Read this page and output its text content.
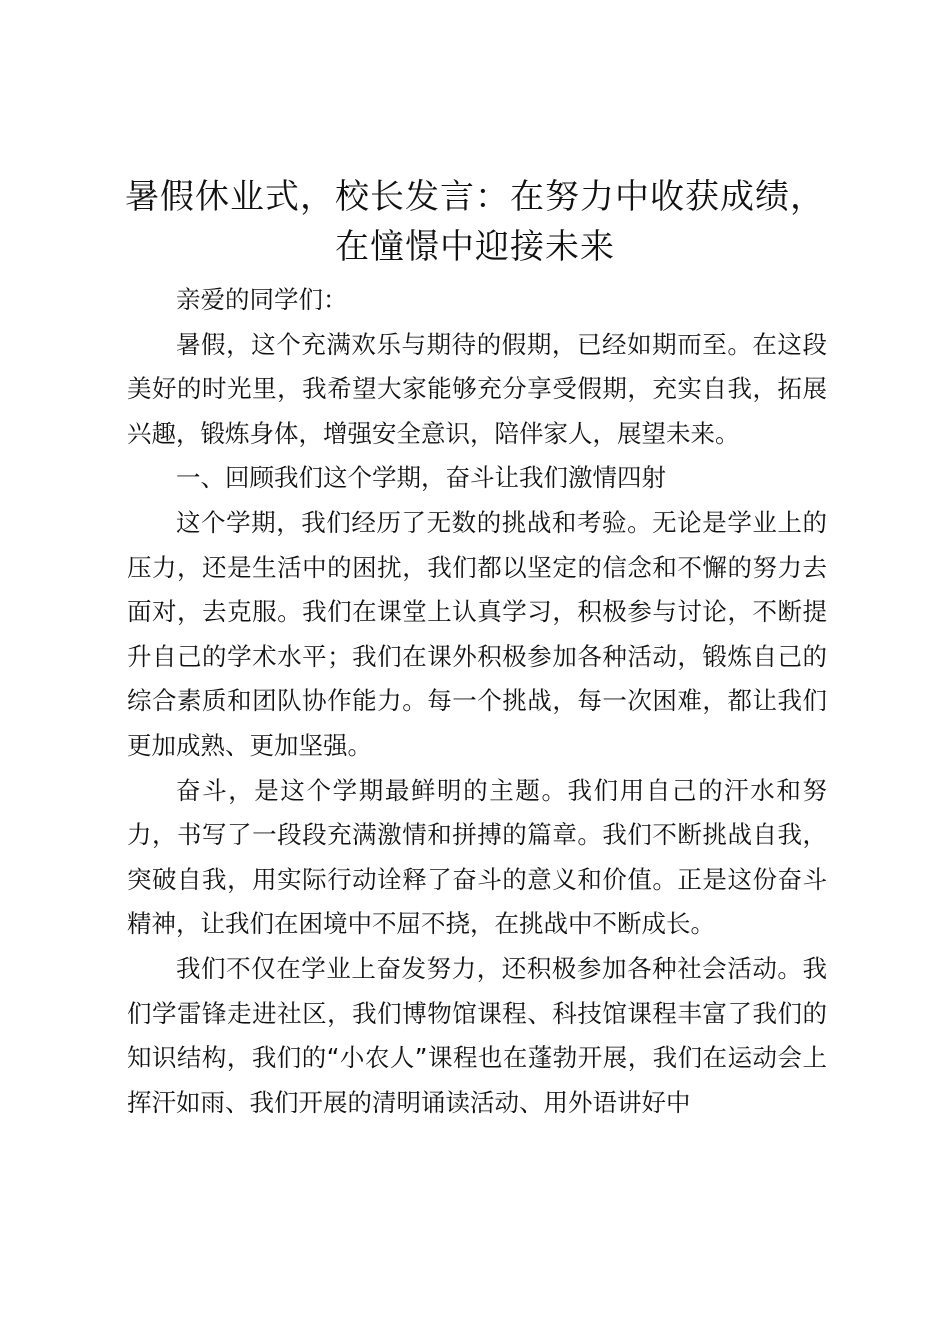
暑假休业式，校长发言：在努力中收获成绩，在憧憬中迎接未来

亲爱的同学们：

暑假，这个充满欢乐与期待的假期，已经如期而至。在这段美好的时光里，我希望大家能够充分享受假期，充实自我，拓展兴趣，锻炼身体，增强安全意识，陪伴家人，展望未来。

一、回顾我们这个学期，奋斗让我们激情四射

这个学期，我们经历了无数的挑战和考验。无论是学业上的压力，还是生活中的困扰，我们都以坚定的信念和不懈的努力去面对，去克服。我们在课堂上认真学习，积极参与讨论，不断提升自己的学术水平；我们在课外积极参加各种活动，锻炼自己的综合素质和团队协作能力。每一个挑战，每一次困难，都让我们更加成熟、更加坚强。

奋斗，是这个学期最鲜明的主题。我们用自己的汗水和努力，书写了一段段充满激情和拼搏的篇章。我们不断挑战自我，突破自我，用实际行动诠释了奋斗的意义和价值。正是这份奋斗精神，让我们在困境中不屈不挠，在挑战中不断成长。

我们不仅在学业上奋发努力，还积极参加各种社会活动。我们学雷锋走进社区，我们博物馆课程、科技馆课程丰富了我们的知识结构，我们的“小农人”课程也在蓬勃开展，我们在运动会上挥汗如雨、我们开展的清明诵读活动、用外语讲好中
